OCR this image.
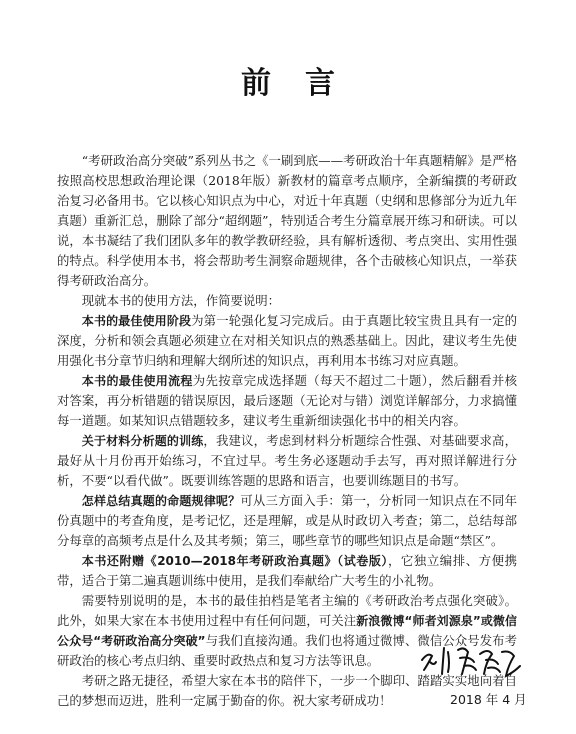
前言

“考研政治高分突破”系列丛书之《一刷到底——考研政治十年真题精解》是严格按照高校思想政治理论课（2018年版）新教材的篇章考点顺序，全新编撰的考研政治复习必备用书。它以核心知识点为中心，对近十年真题（史纲和思修部分为近九年真题）重新汇总，删除了部分“超纲题”，特别适合考生分篇章展开练习和研读。可以说，本书凝结了我们团队多年的教学教研经验，具有解析透彻、考点突出、实用性强的特点。科学使用本书，将会帮助考生洞察命题规律，各个击破核心知识点，一举获得考研政治高分。

现就本书的使用方法，作简要说明：

本书的最佳使用阶段为第一轮强化复习完成后。由于真题比较宝贵且具有一定的深度，分析和领会真题必须建立在对相关知识点的熟悉基础上。因此，建议考生先使用强化书分章节归纳和理解大纲所述的知识点，再利用本书练习对应真题。

本书的最佳使用流程为先按章完成选择题（每天不超过二十题），然后翻看并核对答案，再分析错题的错误原因，最后逐题（无论对与错）浏览详解部分，力求搞懂每一道题。如某知识点错题较多，建议考生重新细读强化书中的相关内容。

关于材料分析题的训练，我建议，考虑到材料分析题综合性强、对基础要求高，最好从十月份再开始练习，不宜过早。考生务必逐题动手去写，再对照详解进行分析，不要“以看代做”。既要训练答题的思路和语言，也要训练题目的书写。

怎样总结真题的命题规律呢？可从三方面入手：第一，分析同一知识点在不同年份真题中的考查角度，是考记忆，还是理解，或是从时政切入考查；第二，总结每部分每章的高频考点是什么及其考频；第三，哪些章节的哪些知识点是命题“禁区”。

本书还附赠《2010—2018年考研政治真题》（试卷版），它独立编排、方便携带，适合于第二遍真题训练中使用，是我们奉献给广大考生的小礼物。

需要特别说明的是，本书的最佳拍档是笔者主编的《考研政治考点强化突破》。此外，如果大家在本书使用过程中有任何问题，可关注新浪微博“师者刘源泉”或微信公众号“考研政治高分突破”与我们直接沟通。我们也将通过微博、微信公众号发布考研政治的核心考点归纳、重要时政热点和复习方法等讯息。

考研之路无捷径，希望大家在本书的陪伴下，一步一个脚印、踏踏实实地向着自己的梦想而迈进，胜利一定属于勤奋的你。祝大家考研成功！	2018 年 4 月
